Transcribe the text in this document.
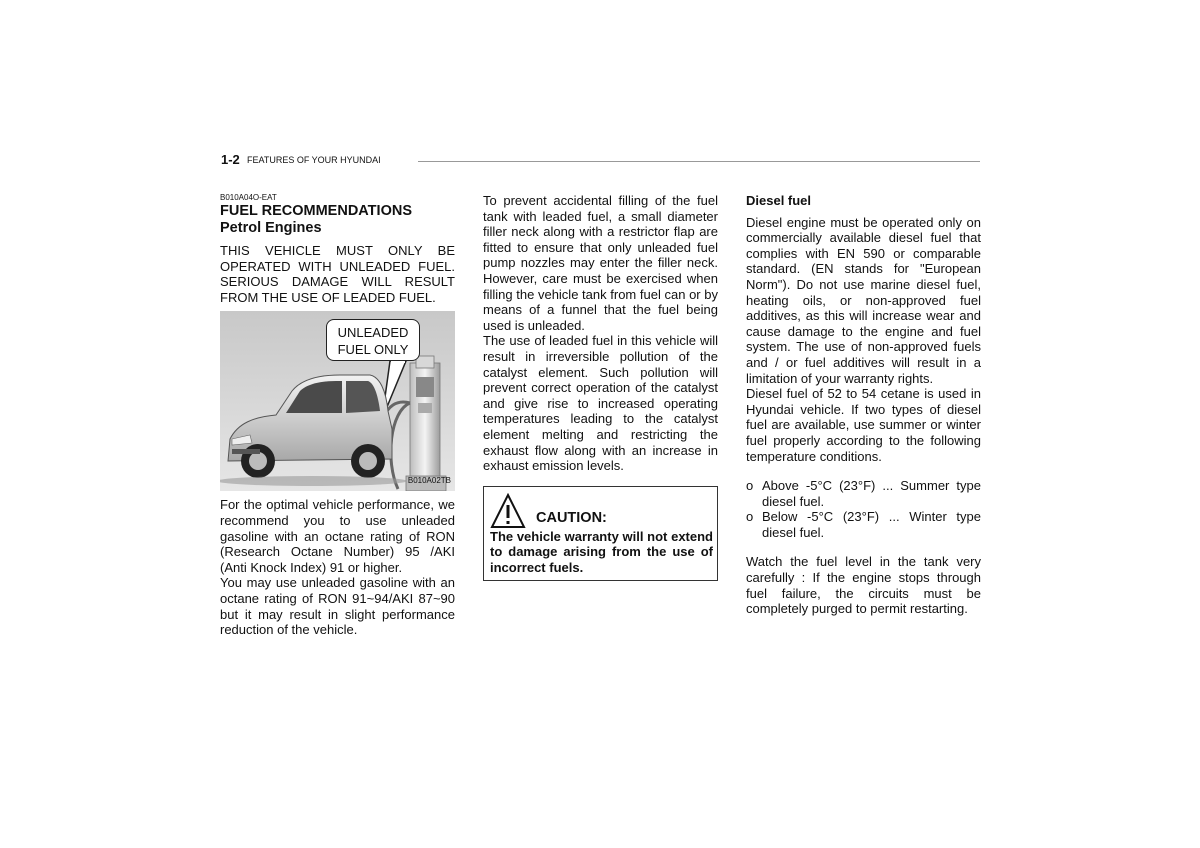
1-2 FEATURES OF YOUR HYUNDAI
B010A04O-EAT
FUEL RECOMMENDATIONS
Petrol Engines

THIS VEHICLE MUST ONLY BE OPERATED WITH UNLEADED FUEL. SERIOUS DAMAGE WILL RESULT FROM THE USE OF LEADED FUEL.

UNLEADED
FUEL ONLY
B010A02TB

For the optimal vehicle performance, we recommend you to use unleaded gasoline with an octane rating of RON (Research Octane Number) 95 /AKI (Anti Knock Index) 91 or higher.

You may use unleaded gasoline with an octane rating of RON 91~94/AKI 87~90 but it may result in slight performance reduction of the vehicle.

To prevent accidental filling of the fuel tank with leaded fuel, a small diameter filler neck along with a restrictor flap are fitted to ensure that only unleaded fuel pump nozzles may enter the filler neck. However, care must be exercised when filling the vehicle tank from fuel can or by means of a funnel that the fuel being used is unleaded.

The use of leaded fuel in this vehicle will result in irreversible pollution of the catalyst element. Such pollution will prevent correct operation of the catalyst and give rise to increased operating temperatures leading to the catalyst element melting and restricting the exhaust flow along with an increase in exhaust emission levels.

CAUTION:
The vehicle warranty will not extend to damage arising from the use of incorrect fuels.
Diesel fuel

Diesel engine must be operated only on commercially available diesel fuel that complies with EN 590 or comparable standard. (EN stands for "European Norm"). Do not use marine diesel fuel, heating oils, or non-approved fuel additives, as this will increase wear and cause damage to the engine and fuel system. The use of non-approved fuels and / or fuel additives will result in a limitation of your warranty rights.

Diesel fuel of 52 to 54 cetane is used in Hyundai vehicle. If two types of diesel fuel are available, use summer or winter fuel properly according to the following temperature conditions.

o Above -5°C (23°F) ... Summer type diesel fuel.
o Below -5°C (23°F) ... Winter type diesel fuel.

Watch the fuel level in the tank very carefully : If the engine stops through fuel failure, the circuits must be completely purged to permit restarting.
